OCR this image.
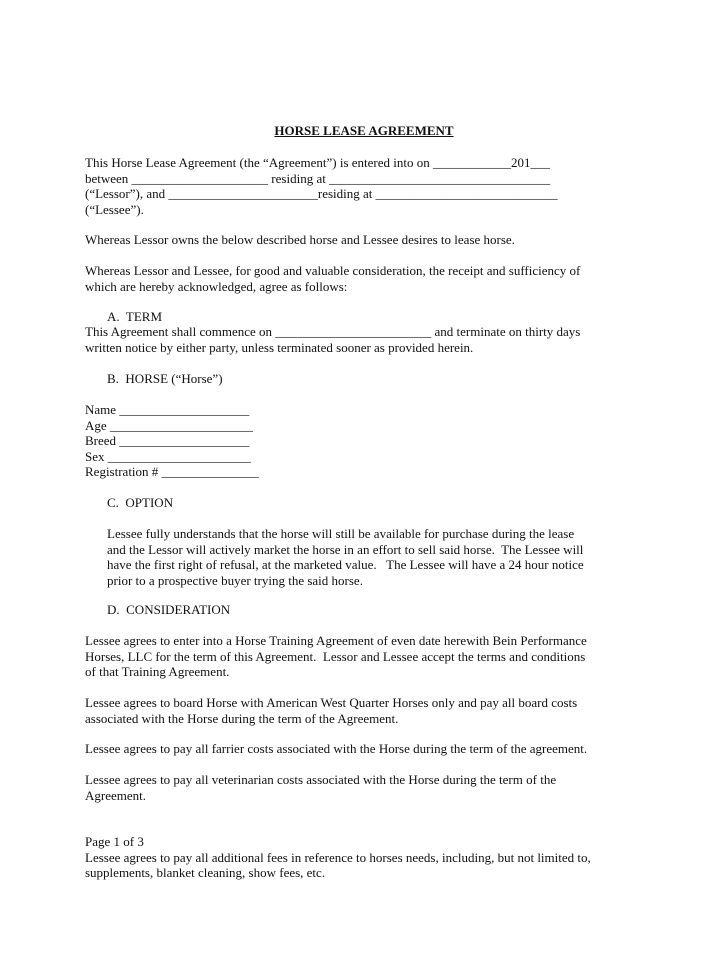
HORSE LEASE AGREEMENT
This Horse Lease Agreement (the “Agreement”) is entered into on ____________201___
between _____________________ residing at __________________________________
(“Lessor”), and _______________________residing at ____________________________
(“Lessee”).
Whereas Lessor owns the below described horse and Lessee desires to lease horse.
Whereas Lessor and Lessee, for good and valuable consideration, the receipt and sufficiency of
which are hereby acknowledged, agree as follows:
A.  TERM
This Agreement shall commence on ________________________ and terminate on thirty days
written notice by either party, unless terminated sooner as provided herein.
B.  HORSE (“Horse”)
Name ____________________
Age ______________________
Breed ____________________
Sex ______________________
Registration # _______________
C.  OPTION
Lessee fully understands that the horse will still be available for purchase during the lease
and the Lessor will actively market the horse in an effort to sell said horse.  The Lessee will
have the first right of refusal, at the marketed value.   The Lessee will have a 24 hour notice
prior to a prospective buyer trying the said horse.
D.  CONSIDERATION
Lessee agrees to enter into a Horse Training Agreement of even date herewith Bein Performance
Horses, LLC for the term of this Agreement.  Lessor and Lessee accept the terms and conditions
of that Training Agreement.
Lessee agrees to board Horse with American West Quarter Horses only and pay all board costs
associated with the Horse during the term of the Agreement.
Lessee agrees to pay all farrier costs associated with the Horse during the term of the agreement.
Lessee agrees to pay all veterinarian costs associated with the Horse during the term of the
Agreement.
Page 1 of 3
Lessee agrees to pay all additional fees in reference to horses needs, including, but not limited to,
supplements, blanket cleaning, show fees, etc.
